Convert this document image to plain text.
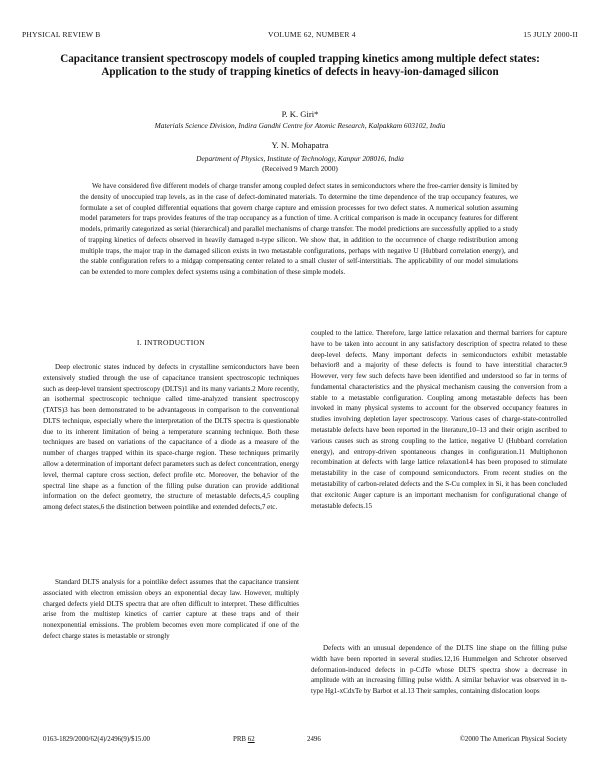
PHYSICAL REVIEW B	VOLUME 62, NUMBER 4	15 JULY 2000-II
Capacitance transient spectroscopy models of coupled trapping kinetics among multiple defect states: Application to the study of trapping kinetics of defects in heavy-ion-damaged silicon
P. K. Giri*
Materials Science Division, Indira Gandhi Centre for Atomic Research, Kalpakkam 603102, India
Y. N. Mohapatra
Department of Physics, Institute of Technology, Kanpur 208016, India
(Received 9 March 2000)

We have considered five different models of charge transfer among coupled defect states in semiconductors where the free-carrier density is limited by the density of unoccupied trap levels, as in the case of defect-dominated materials. To determine the time dependence of the trap occupancy features, we formulate a set of coupled differential equations that govern charge capture and emission processes for two defect states. A numerical solution assuming model parameters for traps provides features of the trap occupancy as a function of time. A critical comparison is made in occupancy features for different models, primarily categorized as serial (hierarchical) and parallel mechanisms of charge transfer. The model predictions are successfully applied to a study of trapping kinetics of defects observed in heavily damaged n-type silicon. We show that, in addition to the occurrence of charge redistribution among multiple traps, the major trap in the damaged silicon exists in two metastable configurations, perhaps with negative U (Hubbard correlation energy), and the stable configuration refers to a midgap compensating center related to a small cluster of self-interstitials. The applicability of our model simulations can be extended to more complex defect systems using a combination of these simple models.

I. INTRODUCTION

Deep electronic states induced by defects in crystalline semiconductors have been extensively studied through the use of capacitance transient spectroscopic techniques such as deep-level transient spectroscopy (DLTS)1 and its many variants.2 More recently, an isothermal spectroscopic technique called time-analyzed transient spectroscopy (TATS)3 has been demonstrated to be advantageous in comparison to the conventional DLTS technique, especially where the interpretation of the DLTS spectra is questionable due to its inherent limitation of being a temperature scanning technique. Both these techniques are based on variations of the capacitance of a diode as a measure of the number of charges trapped within its space-charge region. These techniques primarily allow a determination of important defect parameters such as defect concentration, energy level, thermal capture cross section, defect profile etc. Moreover, the behavior of the spectral line shape as a function of the filling pulse duration can provide additional information on the defect geometry, the structure of metastable defects,4,5 coupling among defect states,6 the distinction between pointlike and extended defects,7 etc.

Standard DLTS analysis for a pointlike defect assumes that the capacitance transient associated with electron emission obeys an exponential decay law. However, multiply charged defects yield DLTS spectra that are often difficult to interpret. These difficulties arise from the multistep kinetics of carrier capture at these traps and of their nonexponential emissions. The problem becomes even more complicated if one of the defect charge states is metastable or strongly

coupled to the lattice. Therefore, large lattice relaxation and thermal barriers for capture have to be taken into account in any satisfactory description of spectra related to these deep-level defects. Many important defects in semiconductors exhibit metastable behavior8 and a majority of these defects is found to have interstitial character.9 However, very few such defects have been identified and understood so far in terms of fundamental characteristics and the physical mechanism causing the conversion from a stable to a metastable configuration. Coupling among metastable defects has been invoked in many physical systems to account for the observed occupancy features in studies involving depletion layer spectroscopy. Various cases of charge-state-controlled metastable defects have been reported in the literature,10–13 and their origin ascribed to various causes such as strong coupling to the lattice, negative U (Hubbard correlation energy), and entropy-driven spontaneous changes in configuration.11 Multiphonon recombination at defects with large lattice relaxation14 has been proposed to stimulate metastability in the case of compound semiconductors. From recent studies on the metastability of carbon-related defects and the S-Cu complex in Si, it has been concluded that excitonic Auger capture is an important mechanism for configurational change of metastable defects.15

Defects with an unusual dependence of the DLTS line shape on the filling pulse width have been reported in several studies.12,16 Hummelgen and Schroter observed deformation-induced defects in p-CdTe whose DLTS spectra show a decrease in amplitude with an increasing filling pulse width. A similar behavior was observed in n-type Hg1-xCdxTe by Barbot et al.13 Their samples, containing dislocation loops

0163-1829/2000/62(4)/2496(9)/$15.00	PRB 62	2496	©2000 The American Physical Society
